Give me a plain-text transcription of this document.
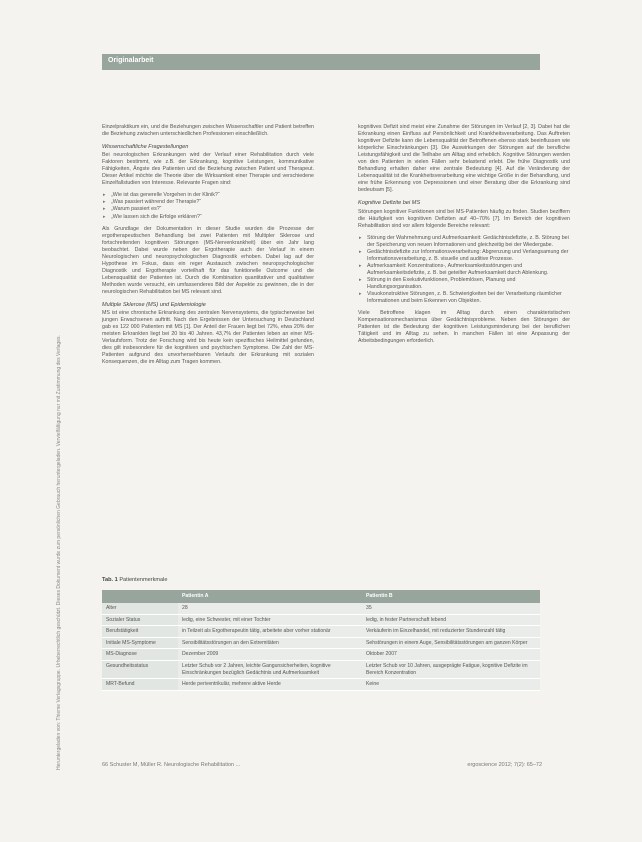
Heruntergeladen von: Thieme Verlagsgruppe. Urheberrechtlich geschützt. Dieses Dokument wurde zum persönlichen Gebrauch heruntergeladen. Vervielfältigung nur mit Zustimmung des Verlages.
Originalarbeit

Einzelpraktikum ein, und die Beziehungen zwischen Wissenschaftler und Patient betreffen die Beziehung zwischen unterschiedlichen Professionen einschließlich.

Wissenschaftliche Fragestellungen

Bei neurologischen Erkrankungen wird der Verlauf einer Rehabilitation durch viele Faktoren bestimmt, wie z.B. der Erkrankung, kognitive Leistungen, kommunikative Fähigkeiten, Ängste des Patienten und die Beziehung zwischen Patient und Therapeut. Dieser Artikel möchte die Theorie über die Wirksamkeit einer Therapie und verschiedene Einzelfallstudien von Interesse. Relevante Fragen sind:

▸ „Wie ist das generelle Vorgehen in der Klinik?“
▸ „Was passiert während der Therapie?“
▸ „Warum passiert es?“
▸ „Wie lassen sich die Erfolge erklären?“

Als Grundlage der Dokumentation in dieser Studie wurden die Prozesse der ergotherapeutischen Behandlung bei zwei Patienten mit Multipler Sklerose und fortschreitenden kognitiven Störungen (MS-Nervenkrankheit) über ein Jahr lang beobachtet. Dabei wurde neben der Ergotherapie auch der Verlauf in einem Neurologischen und neuropsychologischen Diagnostik erhoben. Dabei lag auf der Hypothese im Fokus, dass ein reger Austausch zwischen neuropsychologischer Diagnostik und Ergotherapie vorteilhaft für das funktionelle Outcome und die Lebensqualität der Patienten ist. Durch die Kombination quantitativer und qualitativer Methoden wurde versucht, ein umfassenderes Bild der Aspekte zu gewinnen, die in der neurologischen Rehabilitation bei MS relevant sind.

Multiple Sklerose (MS) und Epidemiologie

MS ist eine chronische Erkrankung des zentralen Nervensystems, die typischerweise bei jungen Erwachsenen auftritt. Nach den Ergebnissen der Untersuchung in Deutschland gab es 122 000 Patienten mit MS [1]. Der Anteil der Frauen liegt bei 72%, etwa 20% der meisten Erkrankten liegt bei 20 bis 40 Jahren. 43,7% der Patienten leben an einer MS-Verlaufsform. Trotz der Forschung wird bis heute kein spezifisches Heilmittel gefunden, dies gilt insbesondere für die kognitiven und psychischen Symptome. Die Zahl der MS-Patienten aufgrund des unvorhersehbaren Verlaufs der Erkrankung mit sozialen Konsequenzen, die im Alltag zum Tragen kommen.

kognitives Defizit sind meist eine Zunahme der Störungen im Verlauf [2, 3]. Dabei hat die Erkrankung einen Einfluss auf Persönlichkeit und Krankheitsverarbeitung. Das Auftreten kognitiver Defizite kann die Lebensqualität der Betroffenen ebenso stark beeinflussen wie körperliche Einschränkungen [3]. Die Auswirkungen der Störungen auf die berufliche Leistungsfähigkeit und die Teilhabe am Alltag sind erheblich. Kognitive Störungen werden von den Patienten in vielen Fällen sehr belastend erlebt. Die frühe Diagnostik und Behandlung erhalten daher eine zentrale Bedeutung [4]. Auf die Veränderung der Lebensqualität ist die Krankheitsverarbeitung eine wichtige Größe in der Behandlung, und eine frühe Erkennung von Depressionen und einer Beratung über die Erkrankung sind bedeutsam [5].

Kognitive Defizite bei MS

Störungen kognitiver Funktionen sind bei MS-Patienten häufig zu finden. Studien beziffern die Häufigkeit von kognitiven Defiziten auf 40–70% [7]. Im Bereich der kognitiven Rehabilitation sind vor allem folgende Bereiche relevant:

▸ Störung der Wahrnehmung und Aufmerksamkeit: Gedächtnisdefizite, z. B. Störung bei der Speicherung von neuen Informationen und gleichzeitig bei der Wiedergabe.
▸ Gedächtnisdefizite zur Informationsverarbeitung: Abgrenzung und Verlangsamung der Informationsverarbeitung, z. B. visuelle und auditive Prozesse.
▸ Aufmerksamkeit: Konzentrations-, Aufmerksamkeitsstörungen und Aufmerksamkeitsdefizite, z. B. bei geteilter Aufmerksamkeit durch Ablenkung.
▸ Störung in den Exekutivfunktionen, Problemlösen, Planung und Handlungsorganisation.
▸ Visuokonstruktive Störungen, z. B. Schwierigkeiten bei der Verarbeitung räumlicher Informationen und beim Erkennen von Objekten.

Viele Betroffene klagen im Alltag durch einen charakteristischen Kompensationsmechanismus über Gedächtnisprobleme. Neben den Störungen der Patienten ist die Bedeutung der kognitiven Leistungsminderung bei der beruflichen Tätigkeit und im Alltag zu sehen. In manchen Fällen ist eine Anpassung der Arbeitsbedingungen erforderlich.

Tab. 1 Patientenmerkmale
	Patientin A	Patientin B
Alter	28	35
Sozialer Status	ledig, eine Schwester, mit einer Tochter	ledig, in fester Partnerschaft lebend
Berufstätigkeit	in Teilzeit als Ergotherapeutin tätig, arbeitete aber vorher stationär	Verkäuferin im Einzelhandel, mit reduzierter Stundenzahl tätig
Initiale MS-Symptome	Sensibilitätsstörungen an den Extremitäten	Sehstörungen in einem Auge, Sensibilitätsstörungen am ganzen Körper
MS-Diagnose	Dezember 2009	Oktober 2007
Gesundheitsstatus	Letzter Schub vor 2 Jahren, leichte Gangunsicherheiten, kognitive Einschränkungen bezüglich Gedächtnis und Aufmerksamkeit	Letzter Schub vor 10 Jahren, ausgeprägte Fatigue, kognitive Defizite im Bereich Konzentration
MRT-Befund	Herde periventrikulär, mehrere aktive Herde	Keine
66 Schuster M, Müller R. Neurologische Rehabilitation ...	ergoscience 2012; 7(2): 65–72
